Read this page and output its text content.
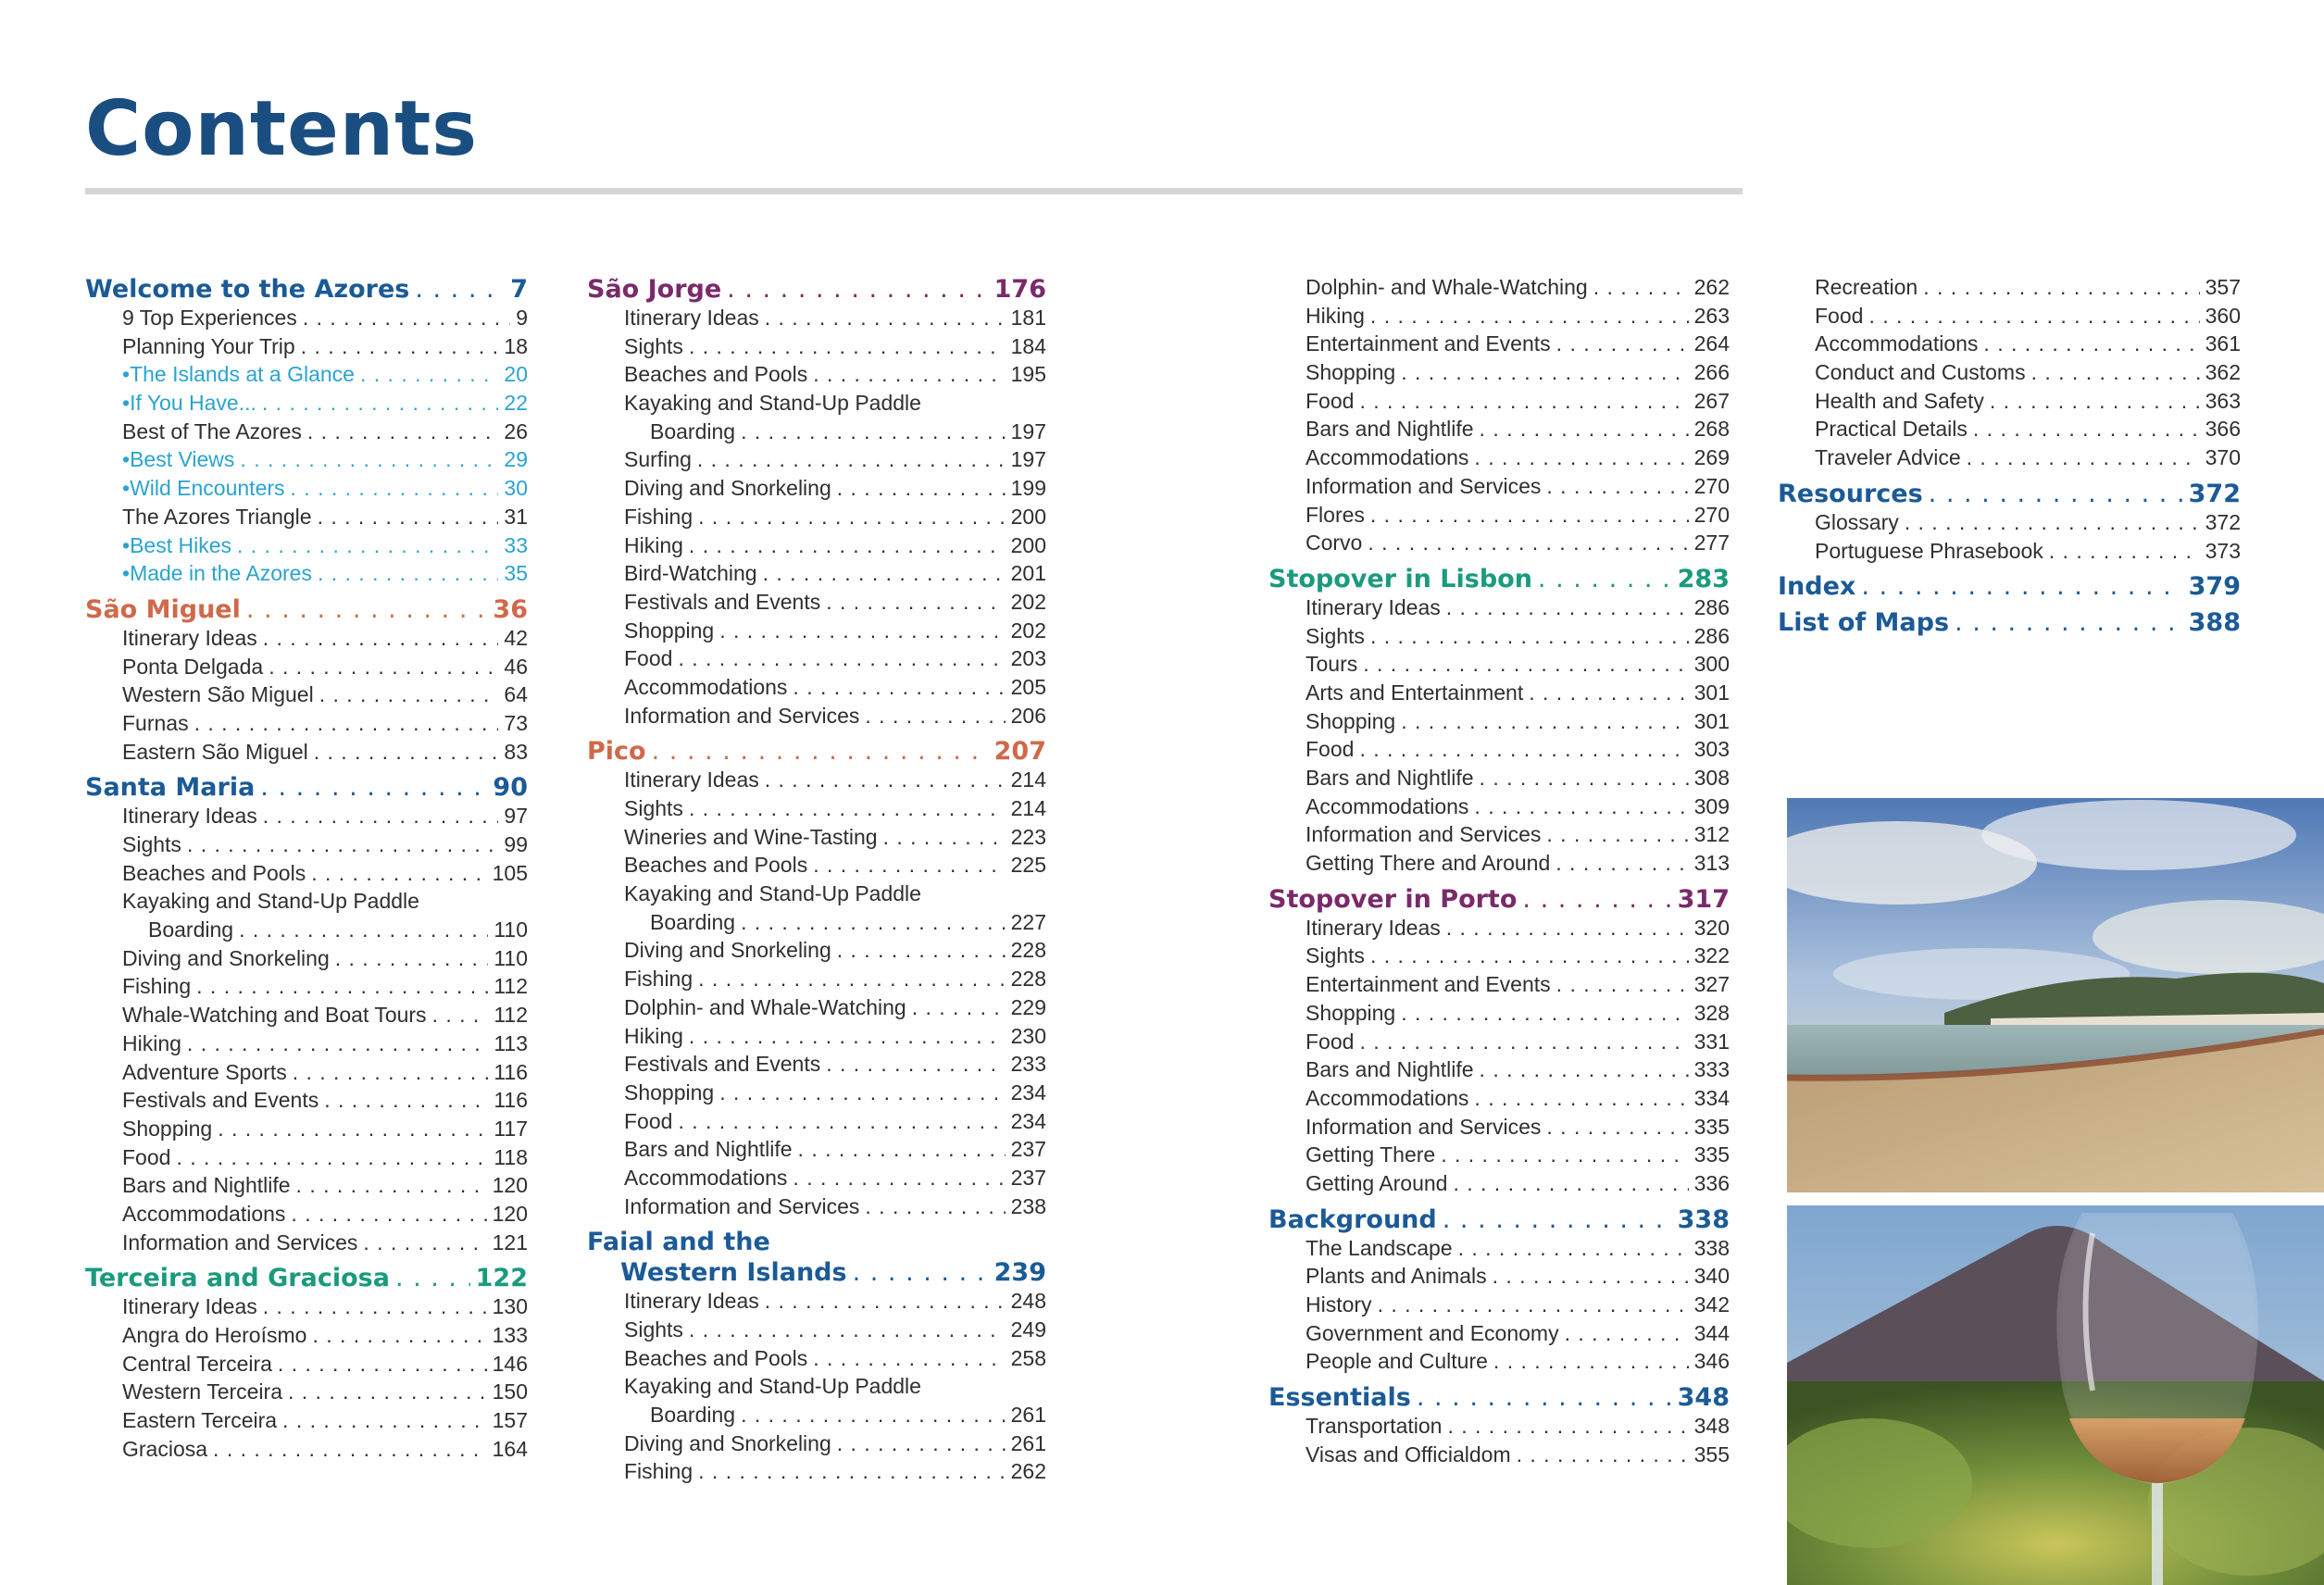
Contents
Welcome to the Azores . . .	7
9 Top Experiences . . .	9
Planning Your Trip . . .	18
• The Islands at a Glance . . .	20
• If You Have... . . .	22
Best of The Azores . . .	26
• Best Views . . .	29
• Wild Encounters . . .	30
The Azores Triangle . . .	31
• Best Hikes . . .	33
• Made in the Azores . . .	35
São Miguel . . .	36
Itinerary Ideas . . .	42
Ponta Delgada . . .	46
Western São Miguel . . .	64
Furnas . . .	73
Eastern São Miguel . . .	83
Santa Maria . . .	90
Itinerary Ideas . . .	97
Sights . . .	99
Beaches and Pools . . .	105
Kayaking and Stand-Up Paddle
Boarding . . .	110
Diving and Snorkeling . . .	110
Fishing . . .	112
Whale-Watching and Boat Tours . . .	112
Hiking . . .	113
Adventure Sports . . .	116
Festivals and Events . . .	116
Shopping . . .	117
Food . . .	118
Bars and Nightlife . . .	120
Accommodations . . .	120
Information and Services . . .	121
Terceira and Graciosa . . .	122
Itinerary Ideas . . .	130
Angra do Heroísmo . . .	133
Central Terceira . . .	146
Western Terceira . . .	150
Eastern Terceira . . .	157
Graciosa . . .	164
São Jorge . . .	176
Itinerary Ideas . . .	181
Sights . . .	184
Beaches and Pools . . .	195
Kayaking and Stand-Up Paddle
Boarding . . .	197
Surfing . . .	197
Diving and Snorkeling . . .	199
Fishing . . .	200
Hiking . . .	200
Bird-Watching . . .	201
Festivals and Events . . .	202
Shopping . . .	202
Food . . .	203
Accommodations . . .	205
Information and Services . . .	206
Pico . . .	207
Itinerary Ideas . . .	214
Sights . . .	214
Wineries and Wine-Tasting . . .	223
Beaches and Pools . . .	225
Kayaking and Stand-Up Paddle
Boarding . . .	227
Diving and Snorkeling . . .	228
Fishing . . .	228
Dolphin- and Whale-Watching . . .	229
Hiking . . .	230
Festivals and Events . . .	233
Shopping . . .	234
Food . . .	234
Bars and Nightlife . . .	237
Accommodations . . .	237
Information and Services . . .	238
Faial and the
Western Islands . . .	239
Itinerary Ideas . . .	248
Sights . . .	249
Beaches and Pools . . .	258
Kayaking and Stand-Up Paddle
Boarding . . .	261
Diving and Snorkeling . . .	261
Fishing . . .	262
Dolphin- and Whale-Watching . . .	262
Hiking . . .	263
Entertainment and Events . . .	264
Shopping . . .	266
Food . . .	267
Bars and Nightlife . . .	268
Accommodations . . .	269
Information and Services . . .	270
Flores . . .	270
Corvo . . .	277
Stopover in Lisbon . . .	283
Itinerary Ideas . . .	286
Sights . . .	286
Tours . . .	300
Arts and Entertainment . . .	301
Shopping . . .	301
Food . . .	303
Bars and Nightlife . . .	308
Accommodations . . .	309
Information and Services . . .	312
Getting There and Around . . .	313
Stopover in Porto . . .	317
Itinerary Ideas . . .	320
Sights . . .	322
Entertainment and Events . . .	327
Shopping . . .	328
Food . . .	331
Bars and Nightlife . . .	333
Accommodations . . .	334
Information and Services . . .	335
Getting There . . .	335
Getting Around . . .	336
Background . . .	338
The Landscape . . .	338
Plants and Animals . . .	340
History . . .	342
Government and Economy . . .	344
People and Culture . . .	346
Essentials . . .	348
Transportation . . .	348
Visas and Officialdom . . .	355
Recreation . . .	357
Food . . .	360
Accommodations . . .	361
Conduct and Customs . . .	362
Health and Safety . . .	363
Practical Details . . .	366
Traveler Advice . . .	370
Resources . . .	372
Glossary . . .	372
Portuguese Phrasebook . . .	373
Index . . .	379
List of Maps . . .	388
